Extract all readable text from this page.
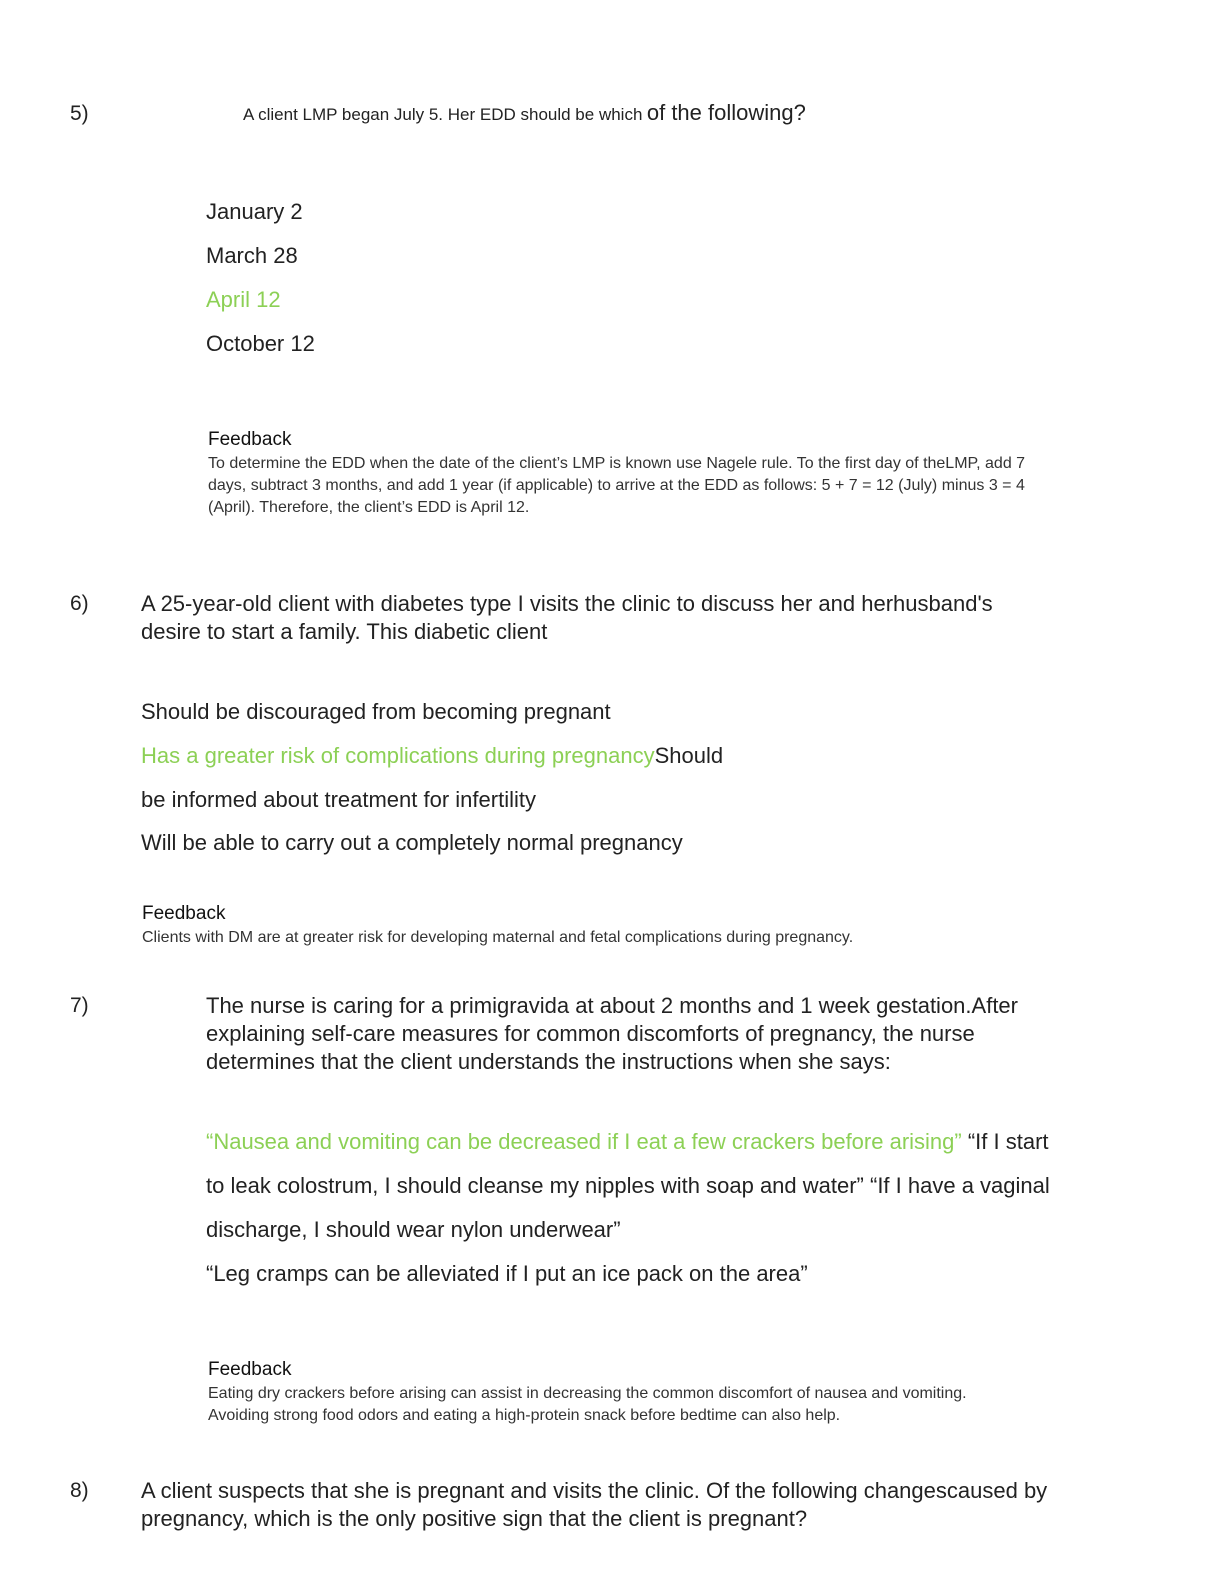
5)	A client LMP began July 5. Her EDD should be which of the following?
January 2
March 28
April 12
October 12
Feedback
To determine the EDD when the date of the client’s LMP is known use Nagele rule. To the first day of theLMP, add 7
days, subtract 3 months, and add 1 year (if applicable) to arrive at the EDD as follows: 5 + 7 = 12 (July) minus 3 = 4
(April). Therefore, the client’s EDD is April 12.
6) A 25-year-old client with diabetes type I visits the clinic to discuss her and herhusband's
desire to start a family. This diabetic client
Should be discouraged from becoming pregnant
Has a greater risk of complications during pregnancyShould
be informed about treatment for infertility
Will be able to carry out a completely normal pregnancy
Feedback
Clients with DM are at greater risk for developing maternal and fetal complications during pregnancy.
7)	The nurse is caring for a primigravida at about 2 months and 1 week gestation.After
explaining self-care measures for common discomforts of pregnancy, the nurse
determines that the client understands the instructions when she says:
“Nausea and vomiting can be decreased if I eat a few crackers before arising” “If I start
to leak colostrum, I should cleanse my nipples with soap and water” “If I have a vaginal
discharge, I should wear nylon underwear”
“Leg cramps can be alleviated if I put an ice pack on the area”
Feedback
Eating dry crackers before arising can assist in decreasing the common discomfort of nausea and vomiting.
Avoiding strong food odors and eating a high-protein snack before bedtime can also help.
8) A client suspects that she is pregnant and visits the clinic. Of the following changescaused by
pregnancy, which is the only positive sign that the client is pregnant?
